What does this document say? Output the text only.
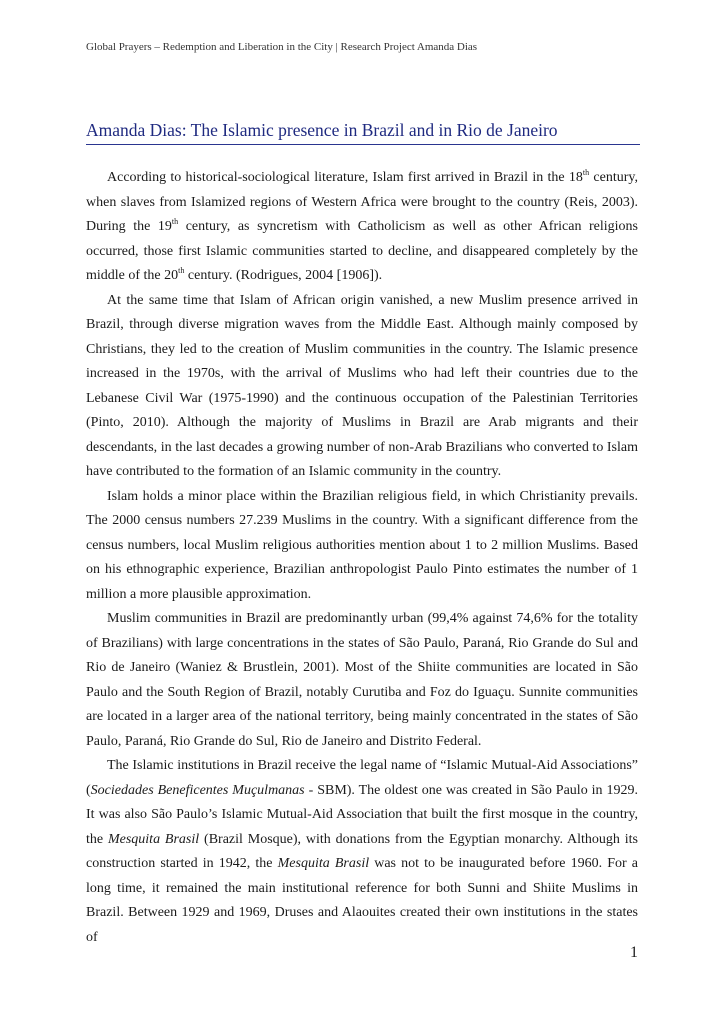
Global Prayers – Redemption and Liberation in the City | Research Project Amanda Dias
Amanda Dias: The Islamic presence in Brazil and in Rio de Janeiro

According to historical-sociological literature, Islam first arrived in Brazil in the 18th century, when slaves from Islamized regions of Western Africa were brought to the country (Reis, 2003). During the 19th century, as syncretism with Catholicism as well as other African religions occurred, those first Islamic communities started to decline, and disappeared completely by the middle of the 20th century. (Rodrigues, 2004 [1906]).

At the same time that Islam of African origin vanished, a new Muslim presence arrived in Brazil, through diverse migration waves from the Middle East. Although mainly composed by Christians, they led to the creation of Muslim communities in the country. The Islamic presence increased in the 1970s, with the arrival of Muslims who had left their countries due to the Lebanese Civil War (1975-1990) and the continuous occupation of the Palestinian Territories (Pinto, 2010). Although the majority of Muslims in Brazil are Arab migrants and their descendants, in the last decades a growing number of non-Arab Brazilians who converted to Islam have contributed to the formation of an Islamic community in the country.

Islam holds a minor place within the Brazilian religious field, in which Christianity prevails. The 2000 census numbers 27.239 Muslims in the country. With a significant difference from the census numbers, local Muslim religious authorities mention about 1 to 2 million Muslims. Based on his ethnographic experience, Brazilian anthropologist Paulo Pinto estimates the number of 1 million a more plausible approximation.

Muslim communities in Brazil are predominantly urban (99,4% against 74,6% for the totality of Brazilians) with large concentrations in the states of São Paulo, Paraná, Rio Grande do Sul and Rio de Janeiro (Waniez & Brustlein, 2001). Most of the Shiite communities are located in São Paulo and the South Region of Brazil, notably Curutiba and Foz do Iguaçu. Sunnite communities are located in a larger area of the national territory, being mainly concentrated in the states of São Paulo, Paraná, Rio Grande do Sul, Rio de Janeiro and Distrito Federal.

The Islamic institutions in Brazil receive the legal name of “Islamic Mutual-Aid Associations” (Sociedades Beneficentes Muçulmanas - SBM). The oldest one was created in São Paulo in 1929. It was also São Paulo’s Islamic Mutual-Aid Association that built the first mosque in the country, the Mesquita Brasil (Brazil Mosque), with donations from the Egyptian monarchy. Although its construction started in 1942, the Mesquita Brasil was not to be inaugurated before 1960. For a long time, it remained the main institutional reference for both Sunni and Shiite Muslims in Brazil. Between 1929 and 1969, Druses and Alaouites created their own institutions in the states of

1
